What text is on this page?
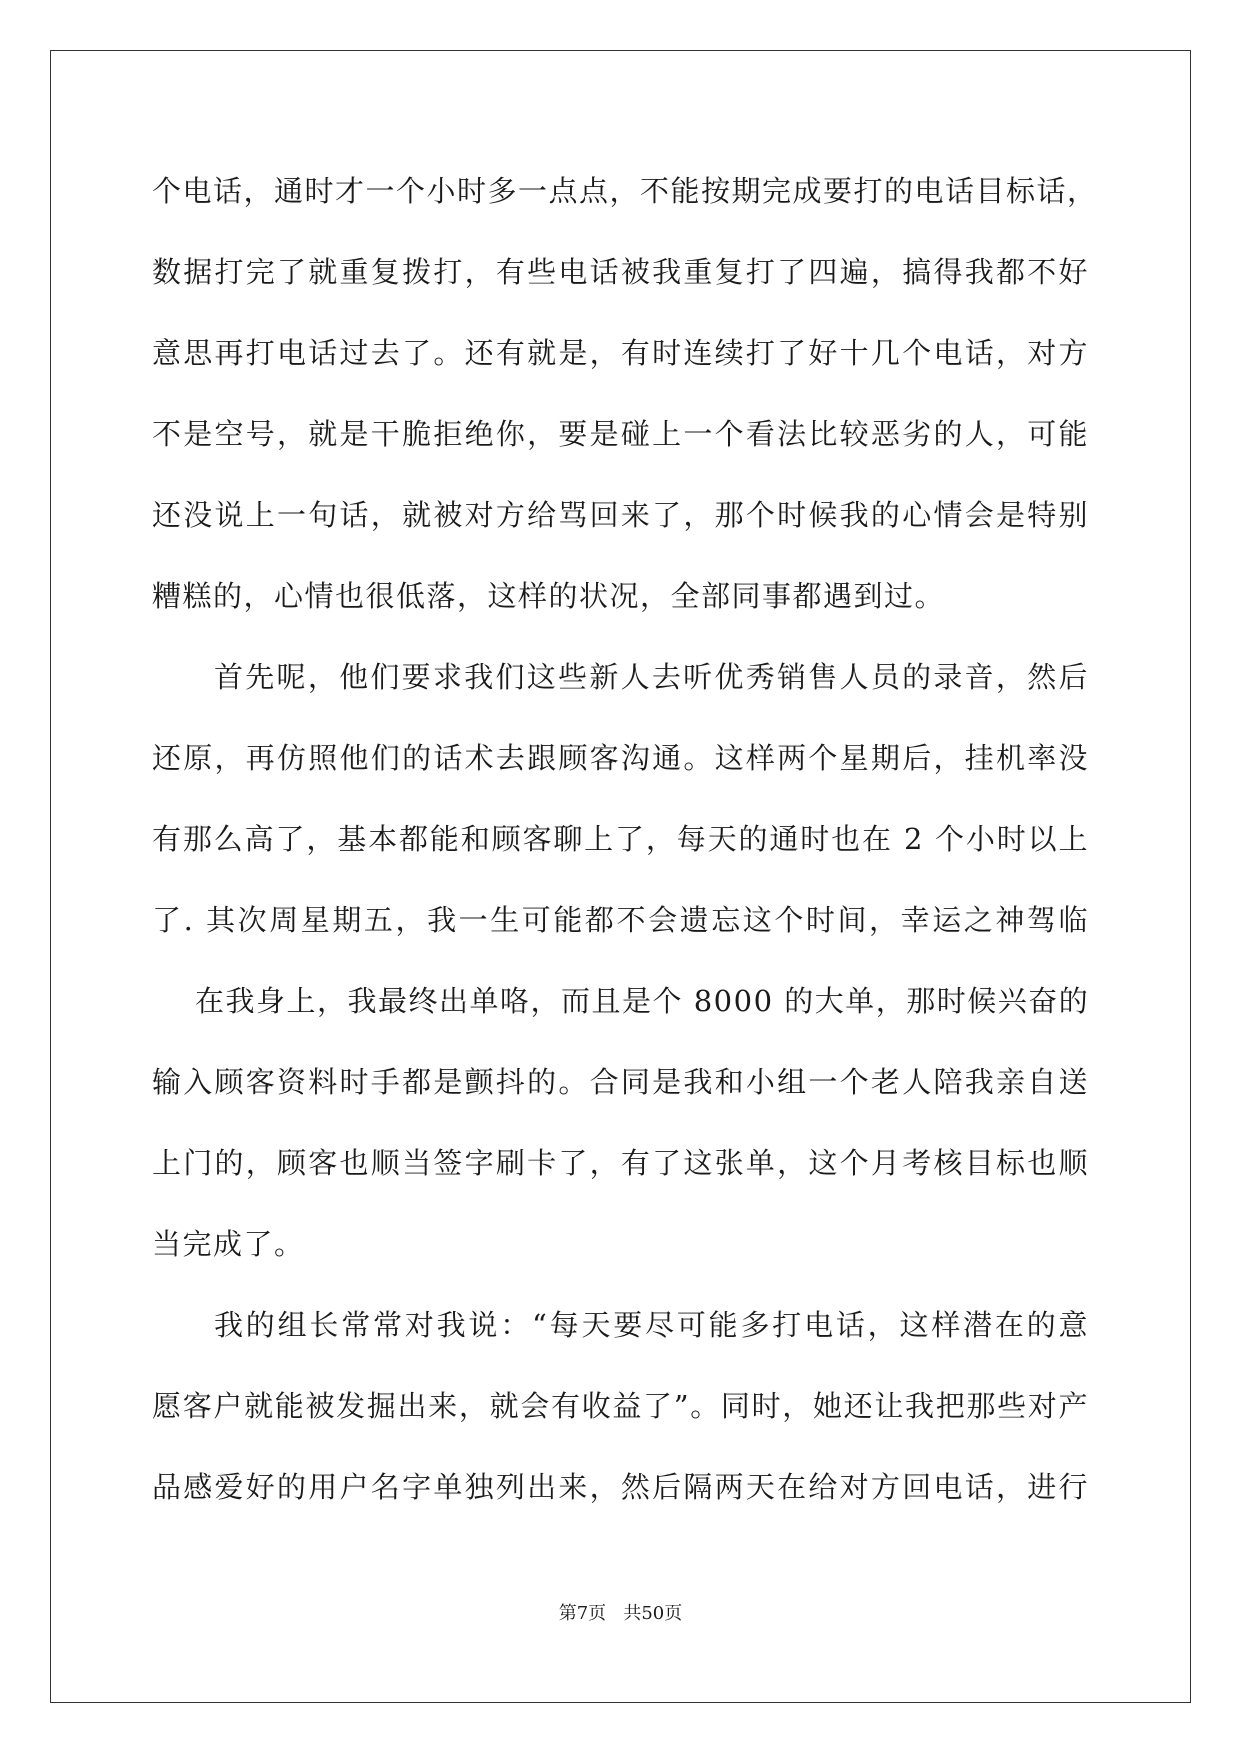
个电话，通时才一个小时多一点点，不能按期完成要打的电话目标话，
数据打完了就重复拨打，有些电话被我重复打了四遍，搞得我都不好
意思再打电话过去了。还有就是，有时连续打了好十几个电话，对方
不是空号，就是干脆拒绝你，要是碰上一个看法比较恶劣的人，可能
还没说上一句话，就被对方给骂回来了，那个时候我的心情会是特别
糟糕的，心情也很低落，这样的状况，全部同事都遇到过。
首先呢，他们要求我们这些新人去听优秀销售人员的录音，然后
还原，再仿照他们的话术去跟顾客沟通。这样两个星期后，挂机率没
有那么高了，基本都能和顾客聊上了，每天的通时也在 2 个小时以上
了. 其次周星期五，我一生可能都不会遗忘这个时间，幸运之神驾临
在我身上，我最终出单咯，而且是个 8000 的大单，那时候兴奋的
输入顾客资料时手都是颤抖的。合同是我和小组一个老人陪我亲自送
上门的，顾客也顺当签字刷卡了，有了这张单，这个月考核目标也顺
当完成了。
我的组长常常对我说：“每天要尽可能多打电话，这样潜在的意
愿客户就能被发掘出来，就会有收益了”。同时，她还让我把那些对产
品感爱好的用户名字单独列出来，然后隔两天在给对方回电话，进行
第7页   共50页
